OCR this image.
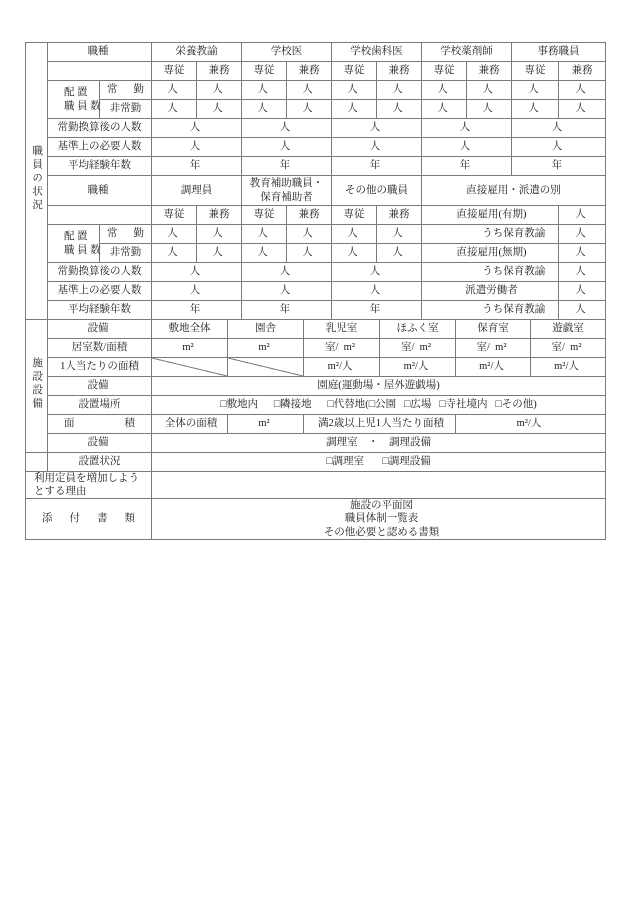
職員の状況	職種		栄養教諭		学校医		学校歯科医		学校薬剤師		事務職員	
			専従	兼務	専従	兼務	専従	兼務	専従	兼務	専従	兼務
	配 置
職 員 数	常 勤	人	人	人	人	人	人	人	人	人	人
		非常勤	人	人	人	人	人	人	人	人	人	人
	常勤換算後の人数		人		人		人		人		人	
	基準上の必要人数		人		人		人		人		人	
	平均経験年数		年		年		年		年		年	
	職種		調理員		教育補助職員・
保育補助者		その他の職員		直接雇用・派遣の別			
			専従	兼務	専従	兼務	専従	兼務	直接雇用(有期)			人
	配 置
職 員 数	常 勤	人	人	人	人	人	人		うち保育教諭		人
		非常勤	人	人	人	人	人	人	直接雇用(無期)			人
	常勤換算後の人数		人		人		人			うち保育教諭		人
	基準上の必要人数		人		人		人		派遣労働者			人
	平均経験年数		年		年		年			うち保育教諭		人
施設設備	設備	敷地全体	園舎	乳児室	ほふく室	保育室	遊戯室
	居室数/面積	m²	m²	室/ m²	室/ m²	室/ m²	室/ m²
	1人当たりの面積			m²/人	m²/人	m²/人	m²/人
	設備	園庭(運動場・屋外遊戯場)					
	設置場所	□敷地内 □隣接地 □代替地(□公園 □広場 □寺社境内 □その他)					
	面　積	全体の面積	m²	満2歳以上児1人当たり面積		m²/人	
	設備	調理室　・　調理設備					
	設置状況	□調理室 □調理設備					
利用定員を増加しよう
とする理由	
添 付 書 類	施設の平面図
職員体制一覧表
その他必要と認める書類
